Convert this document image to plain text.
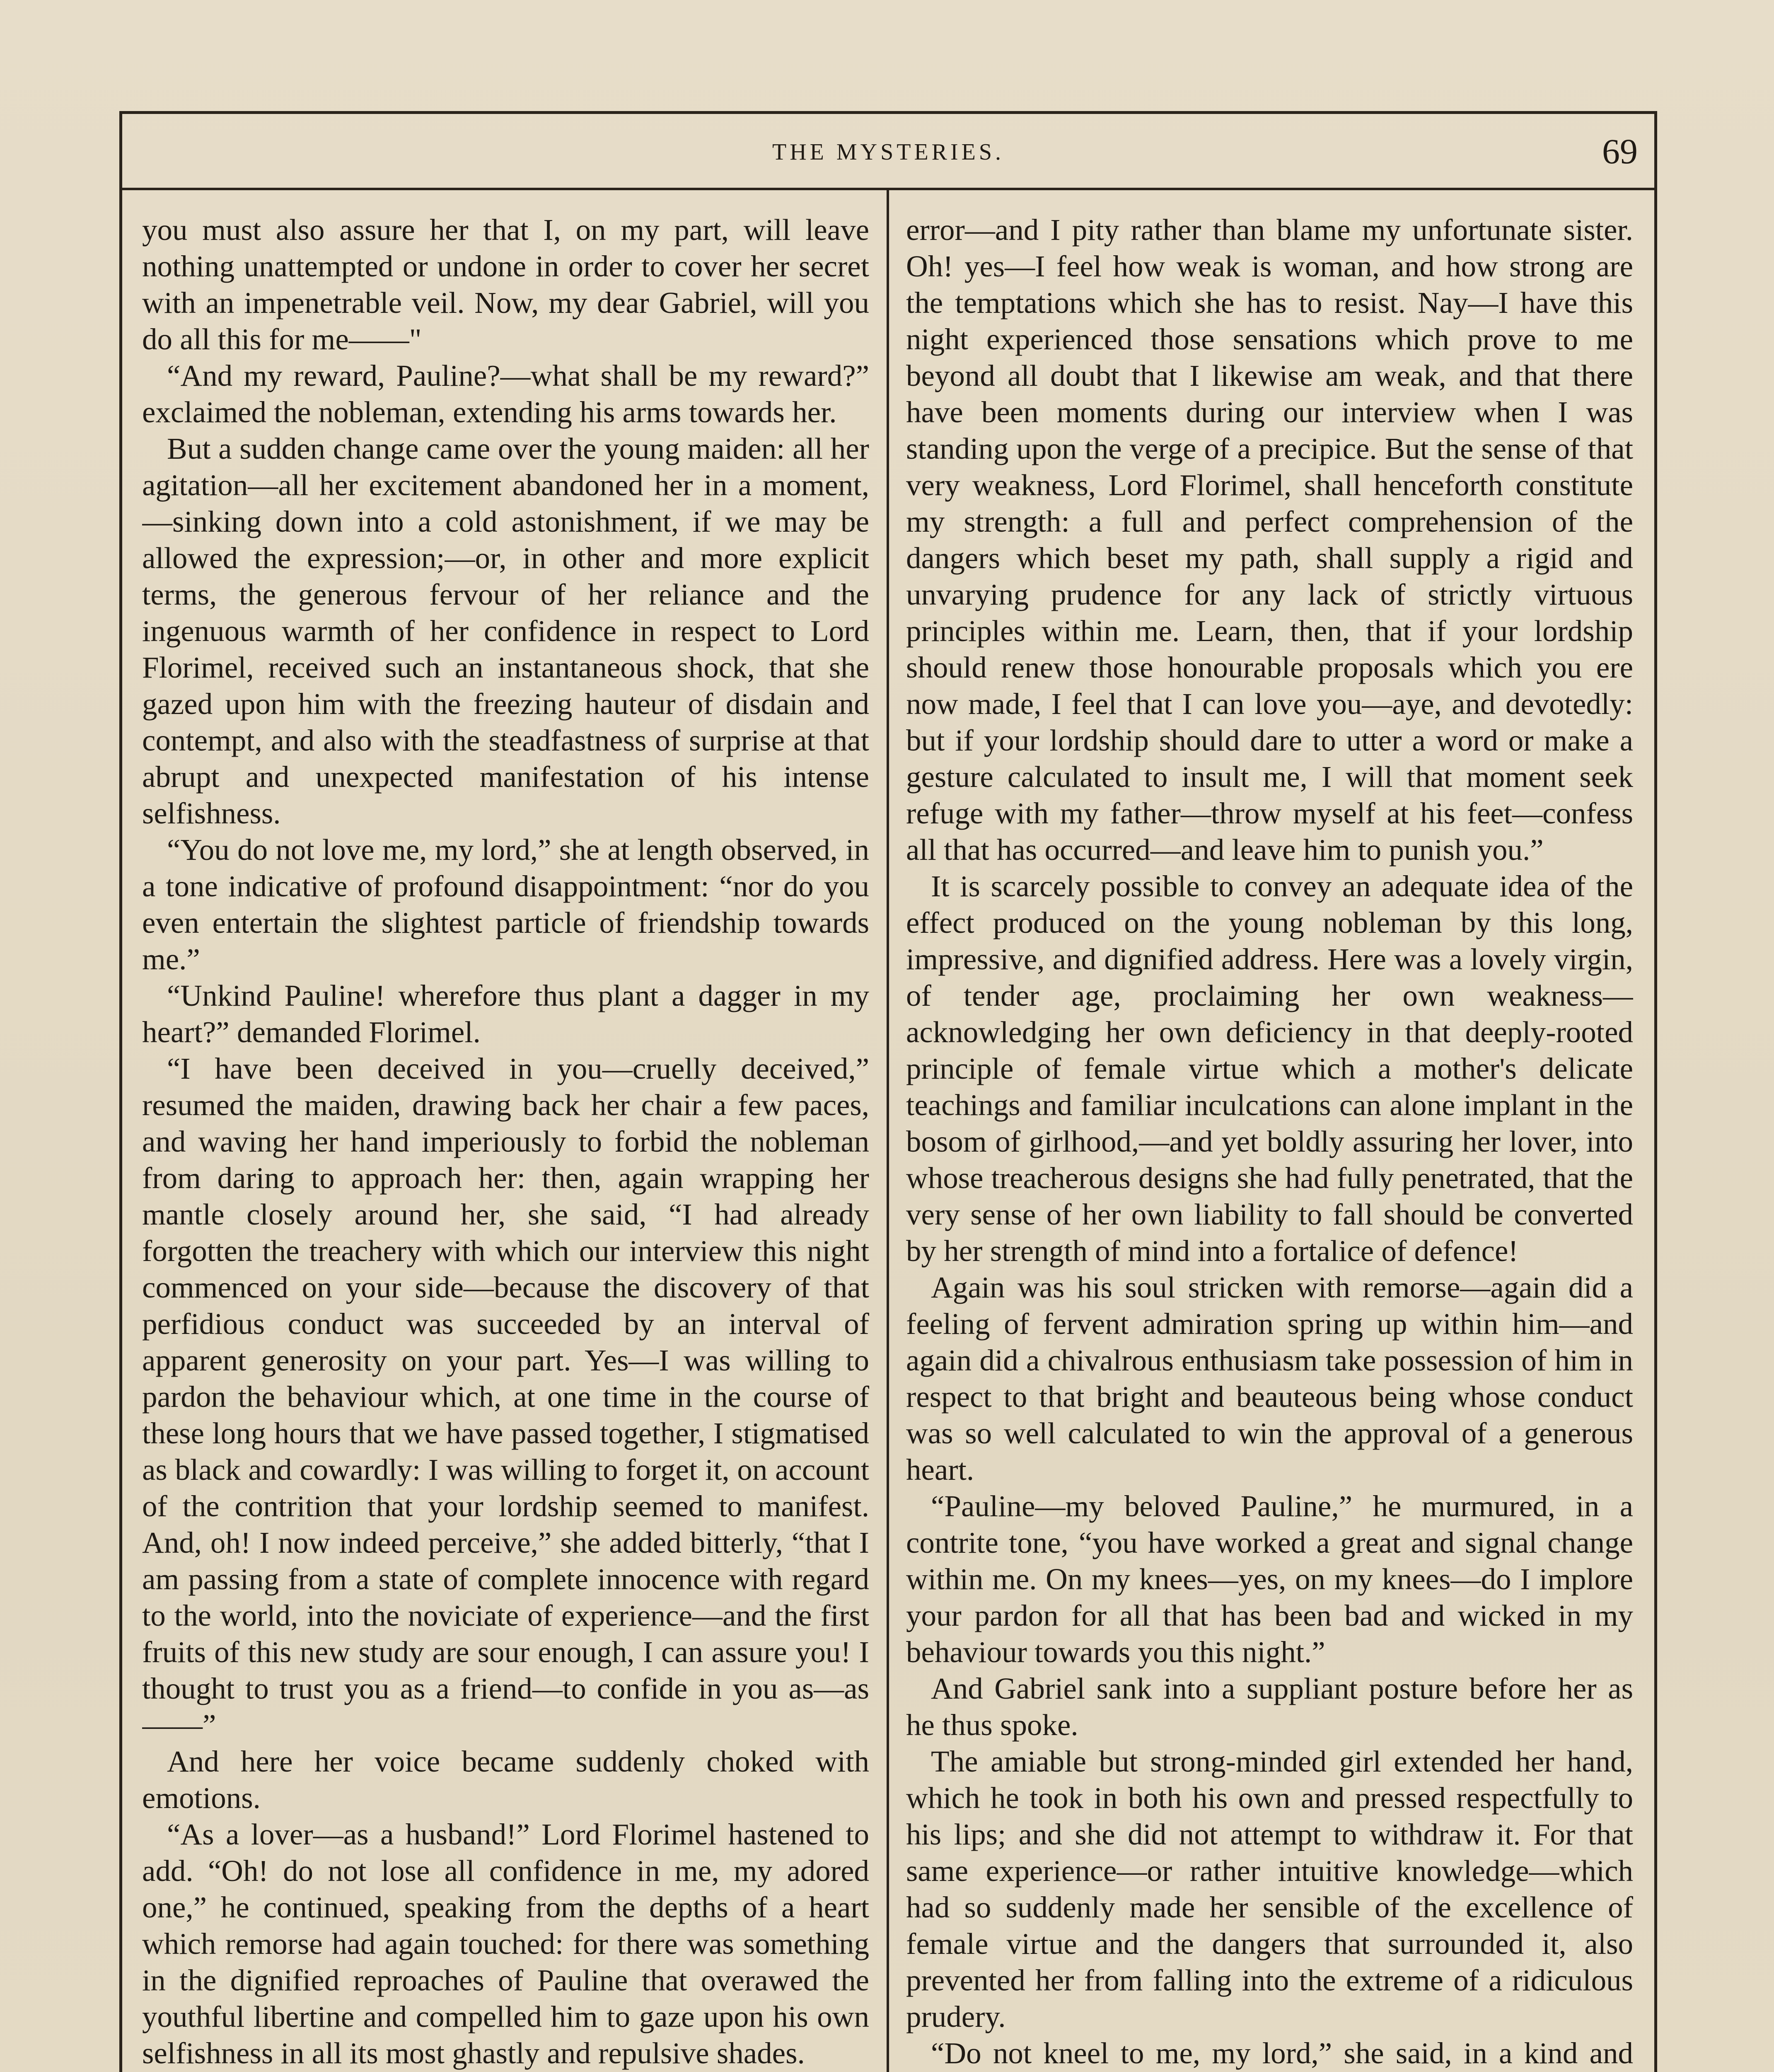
THE MYSTERIES.	69

you must also assure her that I, on my part, will leave nothing unattempted or undone in order to cover her secret with an impenetrable veil. Now, my dear Gabriel, will you do all this for me——"

“And my reward, Pauline?—what shall be my reward?” exclaimed the nobleman, extending his arms towards her.

But a sudden change came over the young maiden: all her agitation—all her excitement abandoned her in a moment,—sinking down into a cold astonishment, if we may be allowed the expression;—or, in other and more explicit terms, the generous fervour of her reliance and the ingenuous warmth of her confidence in respect to Lord Florimel, received such an instantaneous shock, that she gazed upon him with the freezing hauteur of disdain and contempt, and also with the steadfastness of surprise at that abrupt and unexpected manifestation of his intense selfishness.

“You do not love me, my lord,” she at length observed, in a tone indicative of profound disappointment: “nor do you even entertain the slightest particle of friendship towards me.”

“Unkind Pauline! wherefore thus plant a dagger in my heart?” demanded Florimel.

“I have been deceived in you—cruelly deceived,” resumed the maiden, drawing back her chair a few paces, and waving her hand imperiously to forbid the nobleman from daring to approach her: then, again wrapping her mantle closely around her, she said, “I had already forgotten the treachery with which our interview this night commenced on your side—because the discovery of that perfidious conduct was succeeded by an interval of apparent generosity on your part. Yes—I was willing to pardon the behaviour which, at one time in the course of these long hours that we have passed together, I stigmatised as black and cowardly: I was willing to forget it, on account of the contrition that your lordship seemed to manifest. And, oh! I now indeed perceive,” she added bitterly, “that I am passing from a state of complete innocence with regard to the world, into the noviciate of experience—and the first fruits of this new study are sour enough, I can assure you! I thought to trust you as a friend—to confide in you as—as——”

And here her voice became suddenly choked with emotions.

“As a lover—as a husband!” Lord Florimel hastened to add. “Oh! do not lose all confidence in me, my adored one,” he continued, speaking from the depths of a heart which remorse had again touched: for there was something in the dignified reproaches of Pauline that overawed the youthful libertine and compelled him to gaze upon his own selfishness in all its most ghastly and repulsive shades.

error—and I pity rather than blame my unfortunate sister. Oh! yes—I feel how weak is woman, and how strong are the temptations which she has to resist. Nay—I have this night experienced those sensations which prove to me beyond all doubt that I likewise am weak, and that there have been moments during our interview when I was standing upon the verge of a precipice. But the sense of that very weakness, Lord Florimel, shall henceforth constitute my strength: a full and perfect comprehension of the dangers which beset my path, shall supply a rigid and unvarying prudence for any lack of strictly virtuous principles within me. Learn, then, that if your lordship should renew those honourable proposals which you ere now made, I feel that I can love you—aye, and devotedly: but if your lordship should dare to utter a word or make a gesture calculated to insult me, I will that moment seek refuge with my father—throw myself at his feet—confess all that has occurred—and leave him to punish you.”

It is scarcely possible to convey an adequate idea of the effect produced on the young nobleman by this long, impressive, and dignified address. Here was a lovely virgin, of tender age, proclaiming her own weakness—acknowledging her own deficiency in that deeply-rooted principle of female virtue which a mother's delicate teachings and familiar inculcations can alone implant in the bosom of girlhood,—and yet boldly assuring her lover, into whose treacherous designs she had fully penetrated, that the very sense of her own liability to fall should be converted by her strength of mind into a fortalice of defence!

Again was his soul stricken with remorse—again did a feeling of fervent admiration spring up within him—and again did a chivalrous enthusiasm take possession of him in respect to that bright and beauteous being whose conduct was so well calculated to win the approval of a generous heart.

“Pauline—my beloved Pauline,” he murmured, in a contrite tone, “you have worked a great and signal change within me. On my knees—yes, on my knees—do I implore your pardon for all that has been bad and wicked in my behaviour towards you this night.”

And Gabriel sank into a suppliant posture before her as he thus spoke.

The amiable but strong-minded girl extended her hand, which he took in both his own and pressed respectfully to his lips; and she did not attempt to withdraw it. For that same experience—or rather intuitive knowledge—which had so suddenly made her sensible of the excellence of female virtue and the dangers that surrounded it, also prevented her from falling into the extreme of a ridiculous prudery.

“Do not kneel to me, my lord,” she said, in a kind and
